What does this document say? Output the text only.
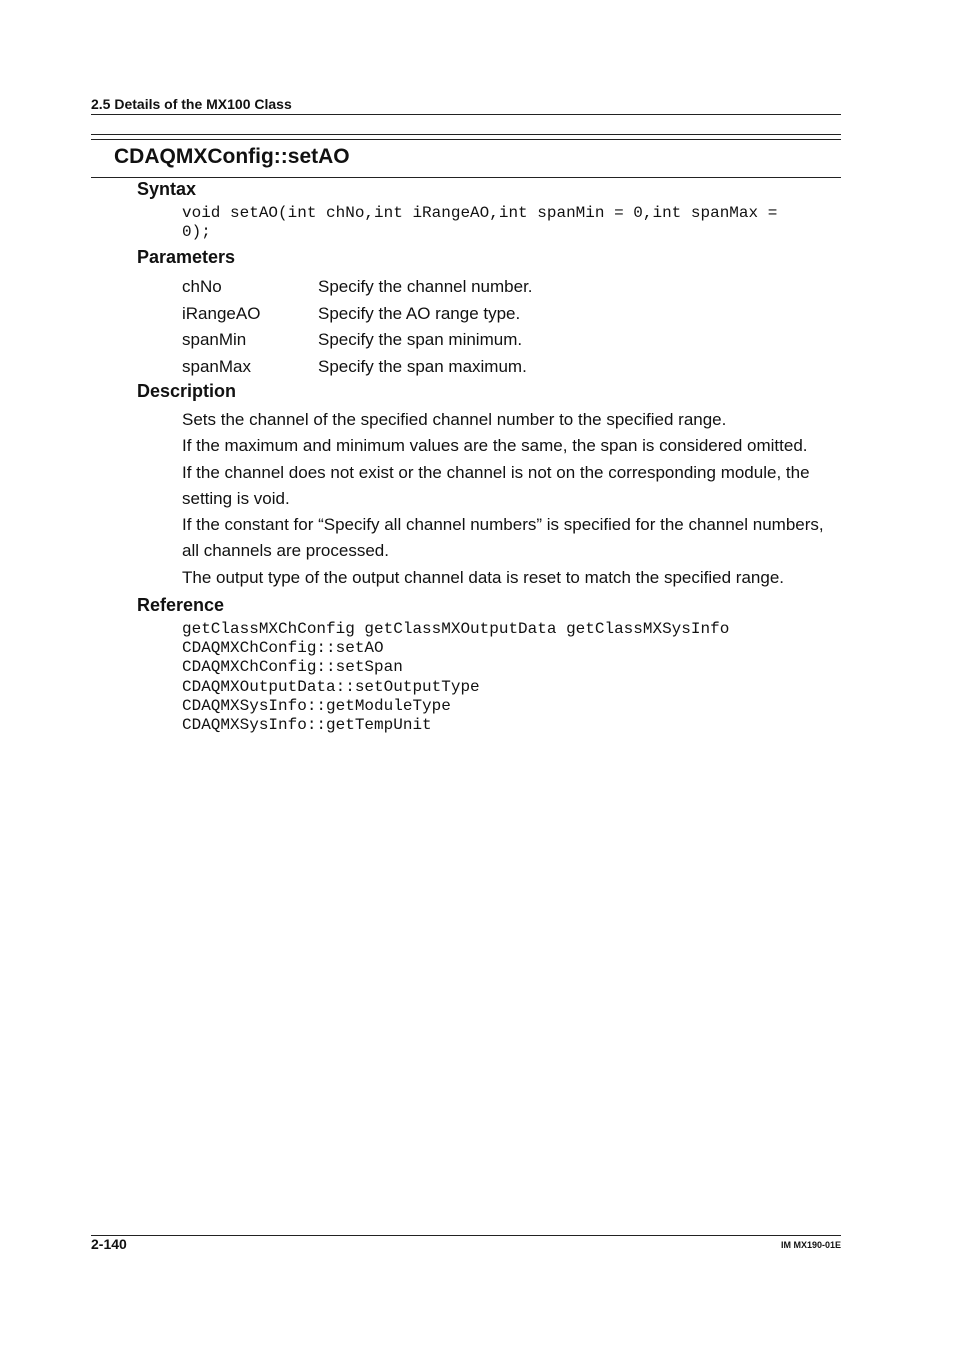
2.5 Details of the MX100 Class
CDAQMXConfig::setAO
Syntax
void setAO(int chNo,int iRangeAO,int spanMin = 0,int spanMax =
0);
Parameters
chNo	Specify the channel number.
iRangeAO	Specify the AO range type.
spanMin	Specify the span minimum.
spanMax	Specify the span maximum.
Description

Sets the channel of the specified channel number to the specified range.

If the maximum and minimum values are the same, the span is considered omitted.

If the channel does not exist or the channel is not on the corresponding module, the setting is void.

If the constant for “Specify all channel numbers” is specified for the channel numbers, all channels are processed.

The output type of the output channel data is reset to match the specified range.

Reference
getClassMXChConfig getClassMXOutputData getClassMXSysInfo
CDAQMXChConfig::setAO
CDAQMXChConfig::setSpan
CDAQMXOutputData::setOutputType
CDAQMXSysInfo::getModuleType
CDAQMXSysInfo::getTempUnit
2-140	IM MX190-01E
